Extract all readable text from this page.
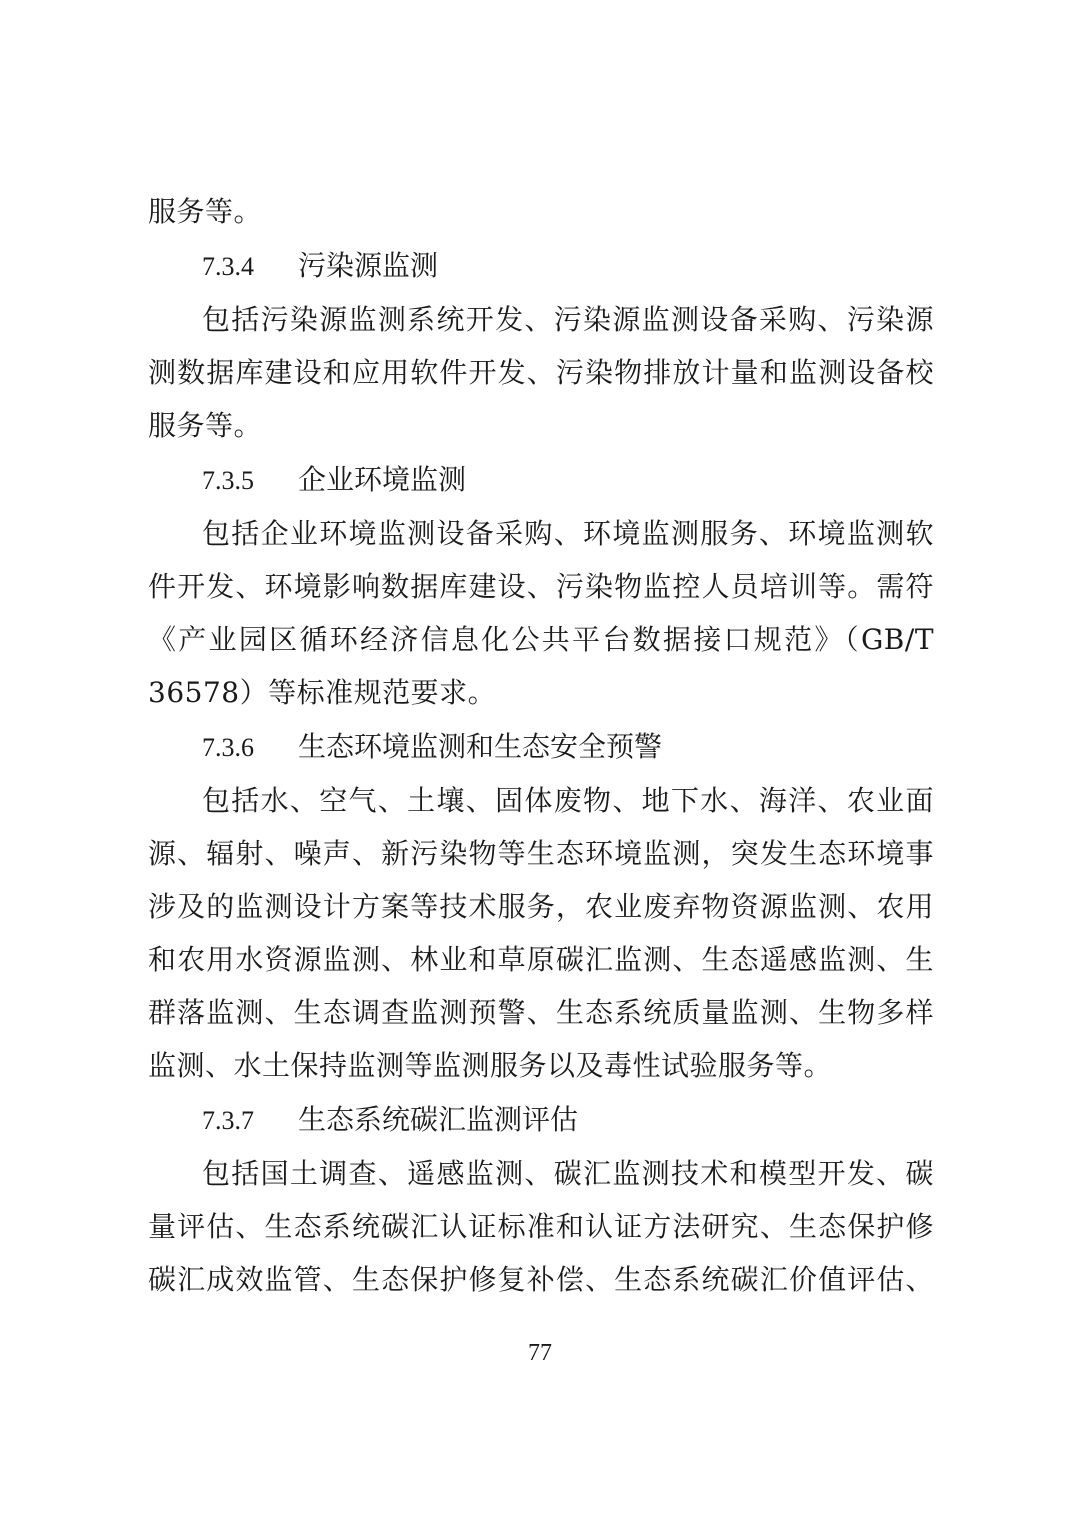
服务等。
7.3.4 污染源监测
包括污染源监测系统开发、污染源监测设备采购、污染源
测数据库建设和应用软件开发、污染物排放计量和监测设备校
服务等。
7.3.5 企业环境监测
包括企业环境监测设备采购、环境监测服务、环境监测软
件开发、环境影响数据库建设、污染物监控人员培训等。需符
《产业园区循环经济信息化公共平台数据接口规范》（GB/T
36578）等标准规范要求。
7.3.6 生态环境监测和生态安全预警
包括水、空气、土壤、固体废物、地下水、海洋、农业面
源、辐射、噪声、新污染物等生态环境监测，突发生态环境事
涉及的监测设计方案等技术服务，农业废弃物资源监测、农用
和农用水资源监测、林业和草原碳汇监测、生态遥感监测、生
群落监测、生态调查监测预警、生态系统质量监测、生物多样
监测、水土保持监测等监测服务以及毒性试验服务等。
7.3.7 生态系统碳汇监测评估
包括国土调查、遥感监测、碳汇监测技术和模型开发、碳
量评估、生态系统碳汇认证标准和认证方法研究、生态保护修
碳汇成效监管、生态保护修复补偿、生态系统碳汇价值评估、
77
